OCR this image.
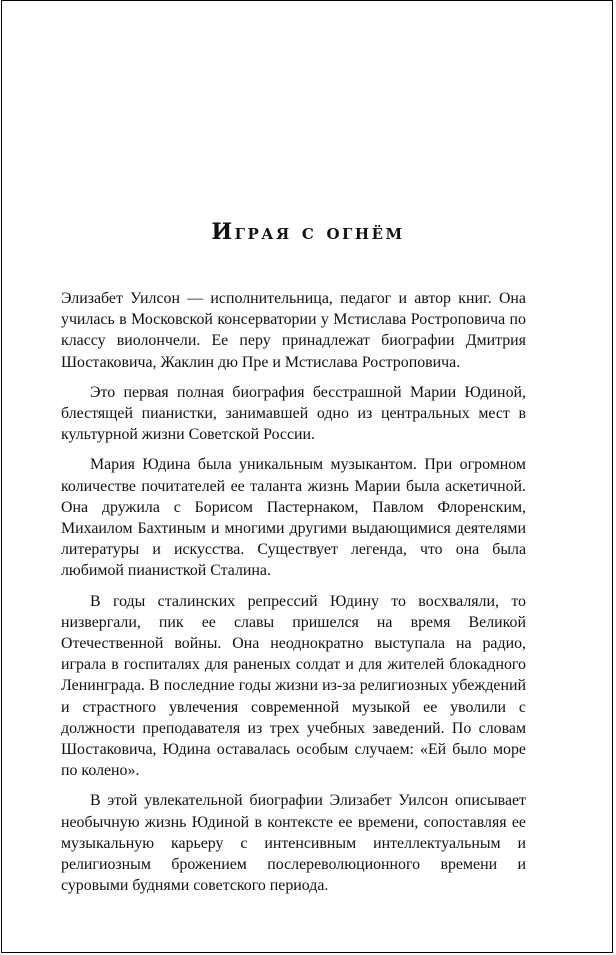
Играя с огнём

Элизабет Уилсон — исполнительница, педагог и автор книг. Она училась в Московской консерватории у Мстислава Ростроповича по классу виолончели. Ее перу принадлежат биографии Дмитрия Шостаковича, Жаклин дю Пре и Мстислава Ростроповича.

Это первая полная биография бесстрашной Марии Юдиной, блестящей пианистки, занимавшей одно из центральных мест в культурной жизни Советской России.

Мария Юдина была уникальным музыкантом. При огромном количестве почитателей ее таланта жизнь Марии была аскетичной. Она дружила с Борисом Пастернаком, Павлом Флоренским, Михаилом Бахтиным и многими другими выдающимися деятелями литературы и искусства. Существует легенда, что она была любимой пианисткой Сталина.

В годы сталинских репрессий Юдину то восхваляли, то низвергали, пик ее славы пришелся на время Великой Отечественной войны. Она неоднократно выступала на радио, играла в госпиталях для раненых солдат и для жителей блокадного Ленинграда. В последние годы жизни из-за религиозных убеждений и страстного увлечения современной музыкой ее уволили с должности преподавателя из трех учебных заведений. По словам Шостаковича, Юдина оставалась особым случаем: «Ей было море по колено».

В этой увлекательной биографии Элизабет Уилсон описывает необычную жизнь Юдиной в контексте ее времени, сопоставляя ее музыкальную карьеру с интенсивным интеллектуальным и религиозным брожением послереволюционного времени и суровыми буднями советского периода.
